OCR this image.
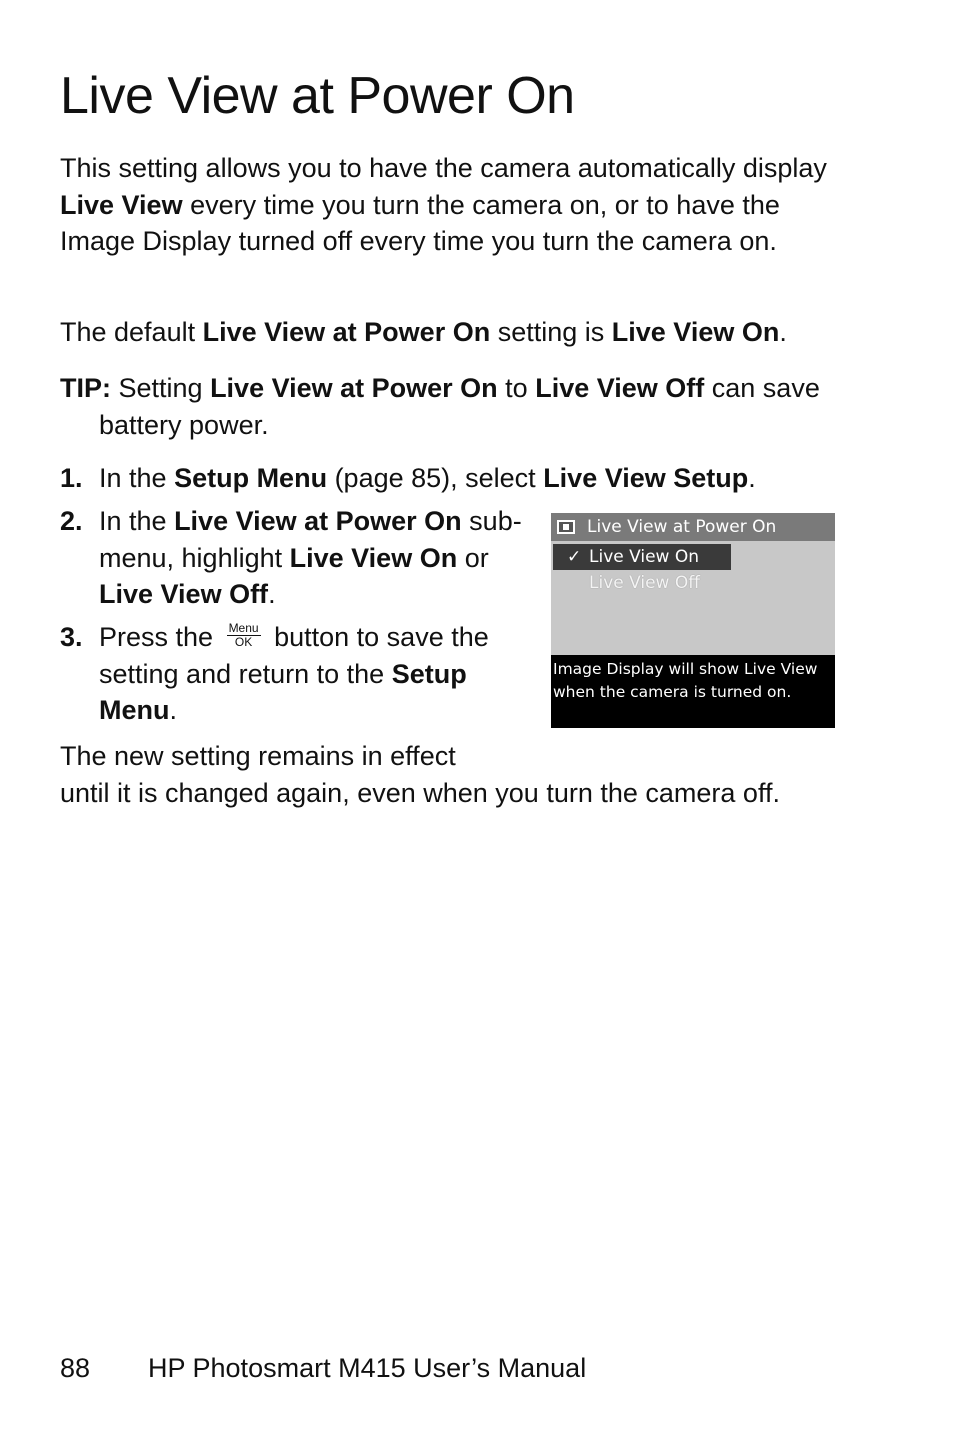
Live View at Power On

This setting allows you to have the camera automatically display Live View every time you turn the camera on, or to have the Image Display turned off every time you turn the camera on.

The default Live View at Power On setting is Live View On.

TIP: Setting Live View at Power On to Live View Off can save battery power.

1. In the Setup Menu (page 85), select Live View Setup.
2. In the Live View at Power On sub-menu, highlight Live View On or Live View Off.
3. Press the Menu
OK button to save the setting and return to the Setup Menu.
Live View at Power On
✓ Live View On
Live View Off
Image Display will show Live View
when the camera is turned on.

The new setting remains in effect
until it is changed again, even when you turn the camera off.

88 HP Photosmart M415 User’s Manual
